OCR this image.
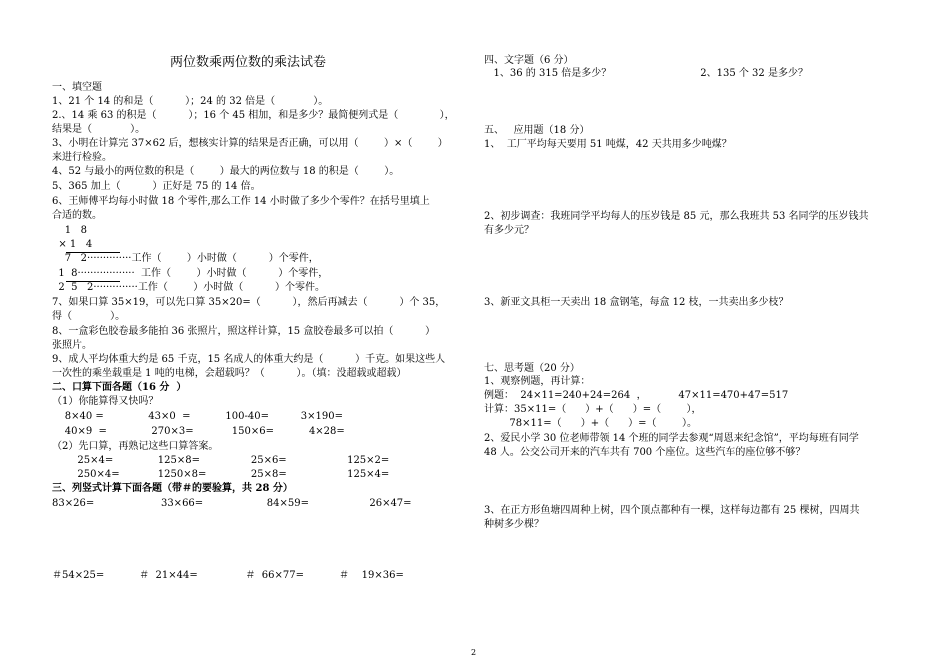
两位数乘两位数的乘法试卷
一、填空题
1、21 个 14 的和是（          ）；24 的 32 倍是（            ）。
2.、14 乘 63 的积是（          ）；16 个 45 相加，和是多少？最简便列式是（             ），
结果是（            ）。
3、小明在计算完 37×62 后，想核实计算的结果是否正确，可以用（        ）×（        ）
来进行检验。
4、52 与最小的两位数的积是（        ）最大的两位数与 18 的积是（        ）。
5、365 加上（          ）正好是 75 的 14 倍。
6、王师傅平均每小时做 18 个零件,那么工作 14 小时做了多少个零件？在括号里填上
合适的数。
1   8
× 1   4
7   2··············工作（        ）小时做（          ）个零件，
1  8··················  工作（        ）小时做（          ）个零件，
2  5   2··············工作（        ）小时做（          ）个零件。
7、如果口算 35×19，可以先口算 35×20=（          ），然后再减去（          ）个 35，
得（            ）。
8、一盒彩色胶卷最多能拍 36 张照片，照这样计算，15 盒胶卷最多可以拍（          ）
张照片。
9、成人平均体重大约是 65 千克，15 名成人的体重大约是（          ）千克。如果这些人
一次性的乘坐载重是 1 吨的电梯，会超载吗？（          ）。（填：没超载或超载）
二、口算下面各题（16 分  ）
（1）你能算得又快吗？
8×40 =              43×0  =           100-40=          3×190=
40×9  =              270×3=            150×6=           4×28=
（2）先口算，再熟记这些口算答案。
25×4=              125×8=                25×6=                   125×2=
250×4=            1250×8=              25×8=                   125×4=
三、列竖式计算下面各题（带＃的要验算，共 28 分）
83×26=                     33×66=                    84×59=                   26×47=
＃54×25=           ＃  21×44=               ＃  66×77=           ＃    19×36=
四、文字题（6 分）
1、36 的 315 倍是多少？                            2、135 个 32 是多少？
五、   应用题（18 分）
1、  工厂平均每天要用 51 吨煤，42 天共用多少吨煤？
2、初步调查：我班同学平均每人的压岁钱是 85 元，那么我班共 53 名同学的压岁钱共
有多少元？
3、新亚文具柜一天卖出 18 盒钢笔，每盒 12 枝，一共卖出多少枝？
七、思考题（20 分）
1、观察例题，再计算：
例题：  24×11=240+24=264  ，          47×11=470+47=517
计算：35×11=（      ）+（      ）=（        ），
78×11=（      ）+（      ）=（        ）。
2、爱民小学 30 位老师带领 14 个班的同学去参观“周恩来纪念馆”，平均每班有同学
48 人。公交公司开来的汽车共有 700 个座位。这些汽车的座位够不够？
3、在正方形鱼塘四周种上树，四个顶点都种有一棵，这样每边都有 25 棵树，四周共
种树多少棵？
2
